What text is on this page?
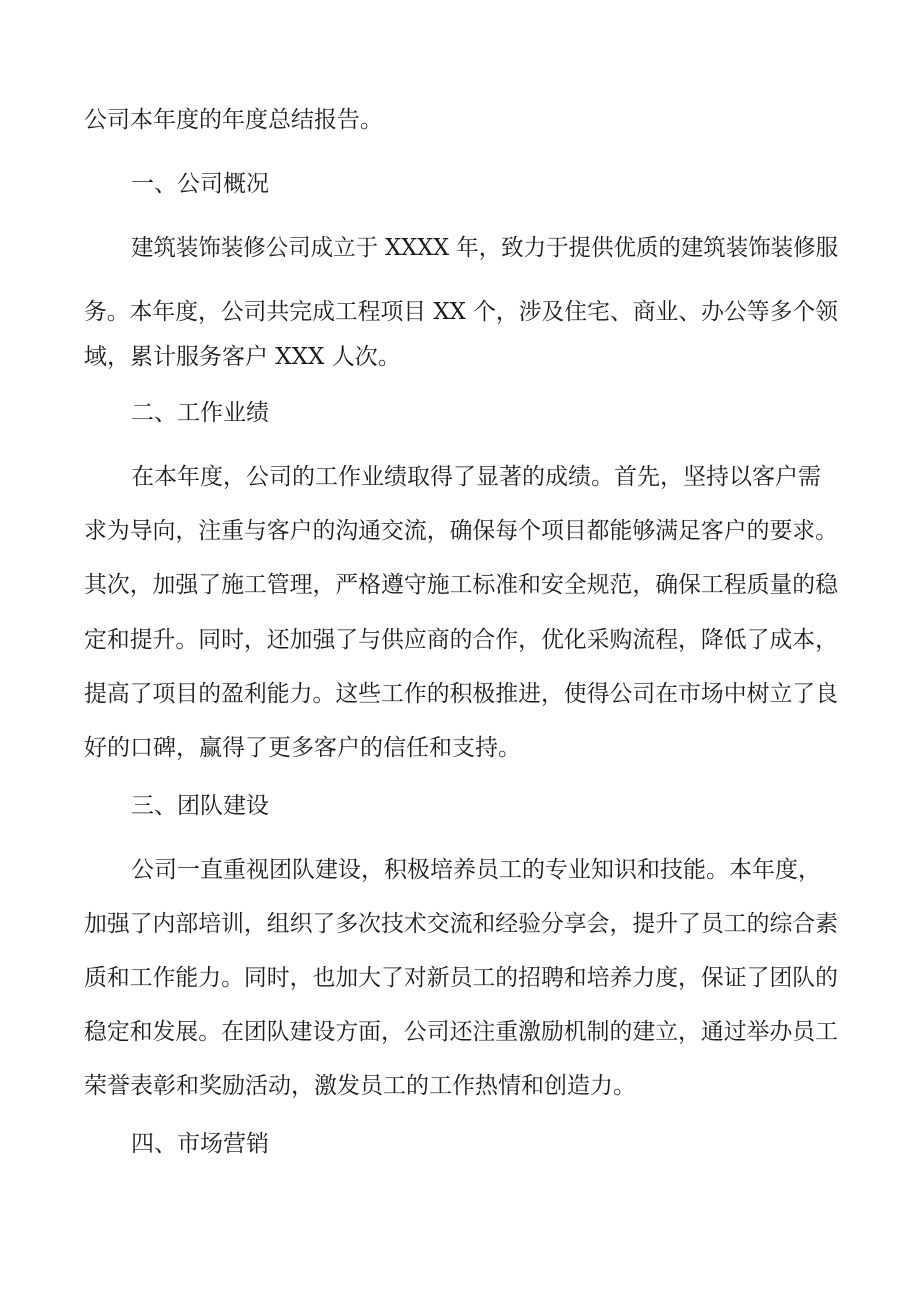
公司本年度的年度总结报告。
一、公司概况
建筑装饰装修公司成立于 XXXX 年，致力于提供优质的建筑装饰装修服
务。本年度，公司共完成工程项目 XX 个，涉及住宅、商业、办公等多个领
域，累计服务客户 XXX 人次。
二、工作业绩
在本年度，公司的工作业绩取得了显著的成绩。首先，坚持以客户需
求为导向，注重与客户的沟通交流，确保每个项目都能够满足客户的要求。
其次，加强了施工管理，严格遵守施工标准和安全规范，确保工程质量的稳
定和提升。同时，还加强了与供应商的合作，优化采购流程，降低了成本，
提高了项目的盈利能力。这些工作的积极推进，使得公司在市场中树立了良
好的口碑，赢得了更多客户的信任和支持。
三、团队建设
公司一直重视团队建设，积极培养员工的专业知识和技能。本年度，
加强了内部培训，组织了多次技术交流和经验分享会，提升了员工的综合素
质和工作能力。同时，也加大了对新员工的招聘和培养力度，保证了团队的
稳定和发展。在团队建设方面，公司还注重激励机制的建立，通过举办员工
荣誉表彰和奖励活动，激发员工的工作热情和创造力。
四、市场营销
